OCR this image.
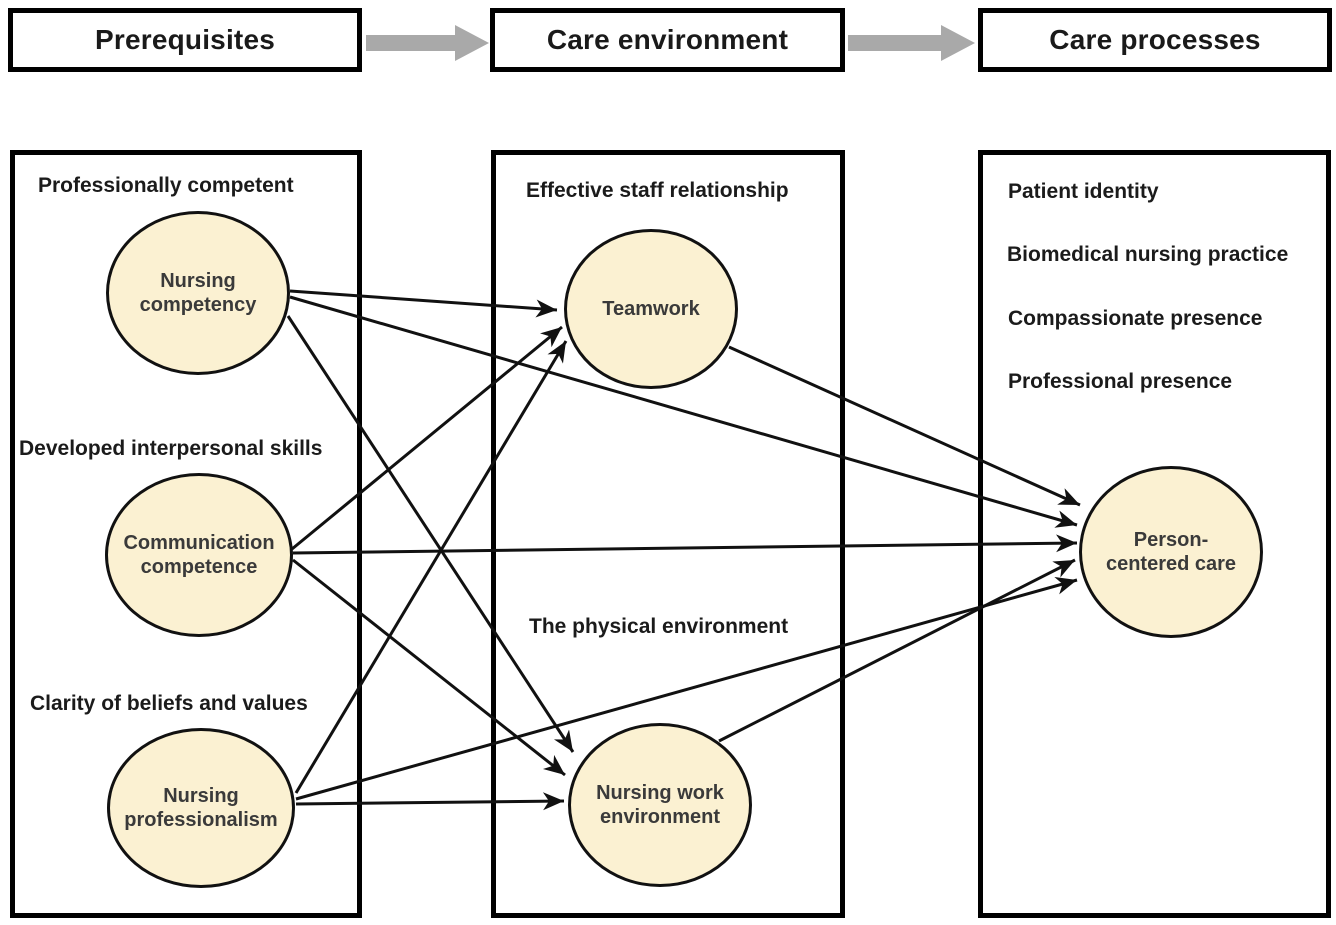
Prerequisites	Care environment	Care processes
Professionally competent
Developed interpersonal skills
Clarity of beliefs and values
Effective staff relationship
The physical environment
Patient identity
Biomedical nursing practice
Compassionate presence
Professional presence
Nursing competency
Communication competence
Nursing professionalism
Teamwork
Nursing work environment
Person-centered care
